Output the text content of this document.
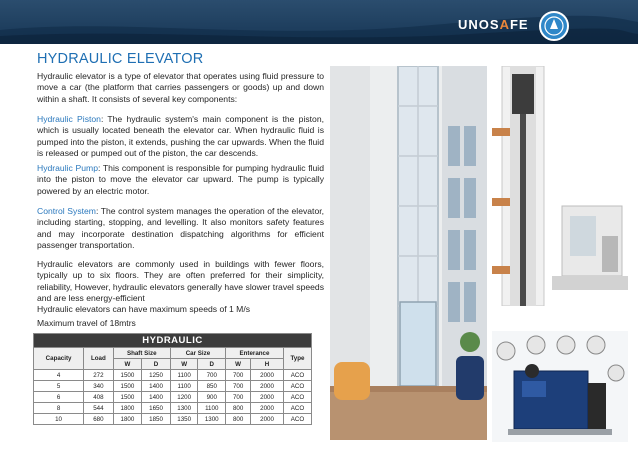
UNOSAFE
HYDRAULIC ELEVATOR
Hydraulic elevator is a type of elevator that operates using fluid pressure to move a car (the platform that carries passengers or goods) up and down within a shaft. It consists of several key components:
Hydraulic Piston: The hydraulic system's main component is the piston, which is usually located beneath the elevator car. When hydraulic fluid is pumped into the piston, it extends, pushing the car upwards. When the fluid is released or pumped out of the piston, the car descends.
Hydraulic Pump: This component is responsible for pumping hydraulic fluid into the piston to move the elevator car upward. The pump is typically powered by an electric motor.
Control System: The control system manages the operation of the elevator, including starting, stopping, and levelling. It also monitors safety features and may incorporate destination dispatching algorithms for efficient passenger transportation.
Hydraulic elevators are commonly used in buildings with fewer floors, typically up to six floors. They are often preferred for their simplicity, reliability, However, hydraulic elevators generally have slower travel speeds and are less energy-efficient
Hydraulic elevators can have maximum speeds of 1 M/s
Maximum travel of 18mtrs
HYDRAULIC								
Capacity	Load	Shaft Size		Car Size		Enterance		Type
		W	D	W	D	W	H	
4	272	1500	1250	1100	700	700	2000	ACO
5	340	1500	1400	1100	850	700	2000	ACO
6	408	1500	1400	1200	900	700	2000	ACO
8	544	1800	1650	1300	1100	800	2000	ACO
10	680	1800	1850	1350	1300	800	2000	ACO
